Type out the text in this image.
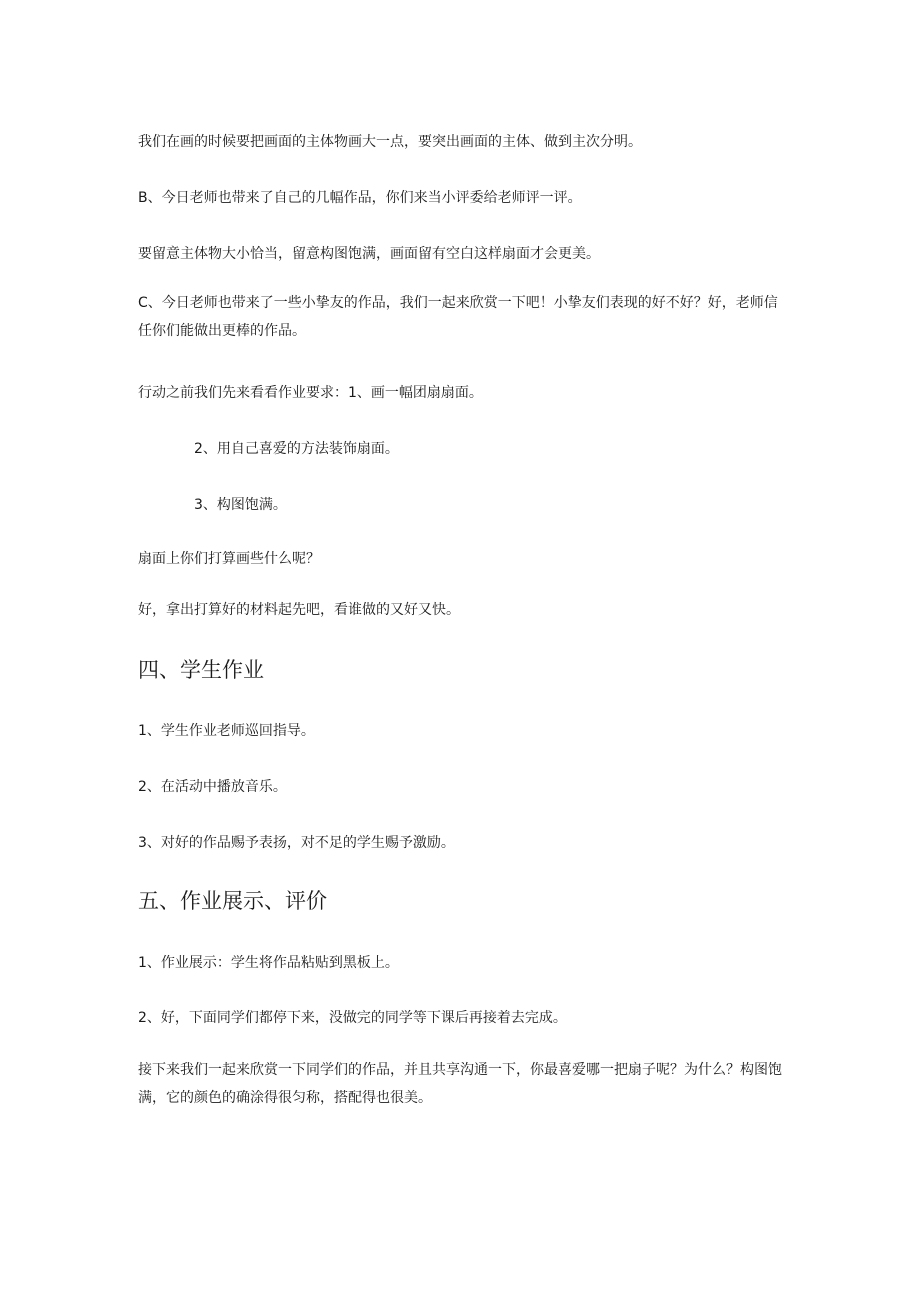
我们在画的时候要把画面的主体物画大一点，要突出画面的主体、做到主次分明。
B、今日老师也带来了自己的几幅作品，你们来当小评委给老师评一评。
要留意主体物大小恰当，留意构图饱满，画面留有空白这样扇面才会更美。
C、今日老师也带来了一些小挚友的作品，我们一起来欣赏一下吧！小挚友们表现的好不好？好，老师信任你们能做出更棒的作品。
行动之前我们先来看看作业要求：1、画一幅团扇扇面。
2、用自己喜爱的方法装饰扇面。
3、构图饱满。
扇面上你们打算画些什么呢？
好，拿出打算好的材料起先吧，看谁做的又好又快。
四、学生作业
1、学生作业老师巡回指导。
2、在活动中播放音乐。
3、对好的作品赐予表扬，对不足的学生赐予激励。
五、作业展示、评价
1、作业展示：学生将作品粘贴到黑板上。
2、好，下面同学们都停下来，没做完的同学等下课后再接着去完成。
接下来我们一起来欣赏一下同学们的作品，并且共享沟通一下，你最喜爱哪一把扇子呢？为什么？构图饱满，它的颜色的确涂得很匀称，搭配得也很美。
